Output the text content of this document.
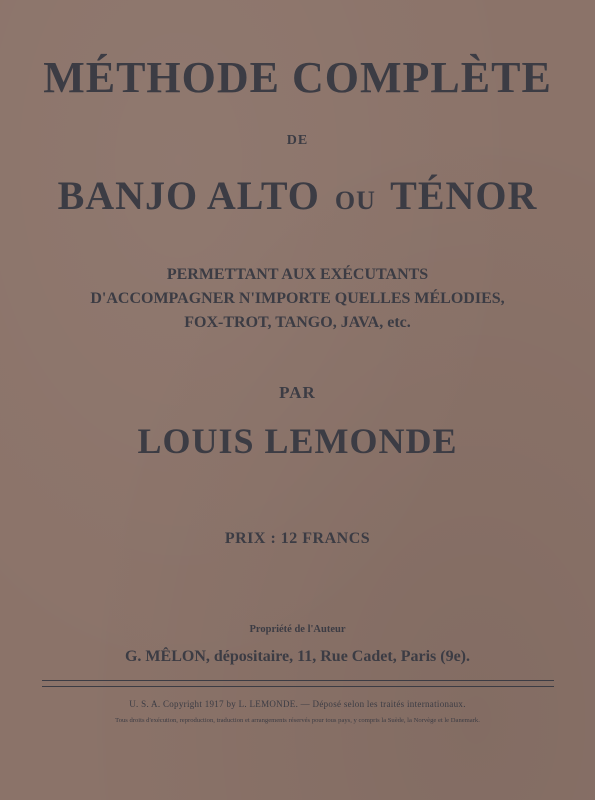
MÉTHODE COMPLÈTE
DE
BANJO ALTO OU TÉNOR
PERMETTANT AUX EXÉCUTANTS
D'ACCOMPAGNER N'IMPORTE QUELLES MÉLODIES,
FOX-TROT, TANGO, JAVA, etc.
PAR
LOUIS LEMONDE
PRIX : 12 FRANCS
Propriété de l'Auteur
G. MÊLON, dépositaire, 11, Rue Cadet, Paris (9e).
U. S. A. Copyright 1917 by L. LEMONDE. — Déposé selon les traités internationaux.
Tous droits d'exécution, reproduction, traduction et arrangements réservés pour tous pays, y compris la Suède, la Norvège et le Danemark.
